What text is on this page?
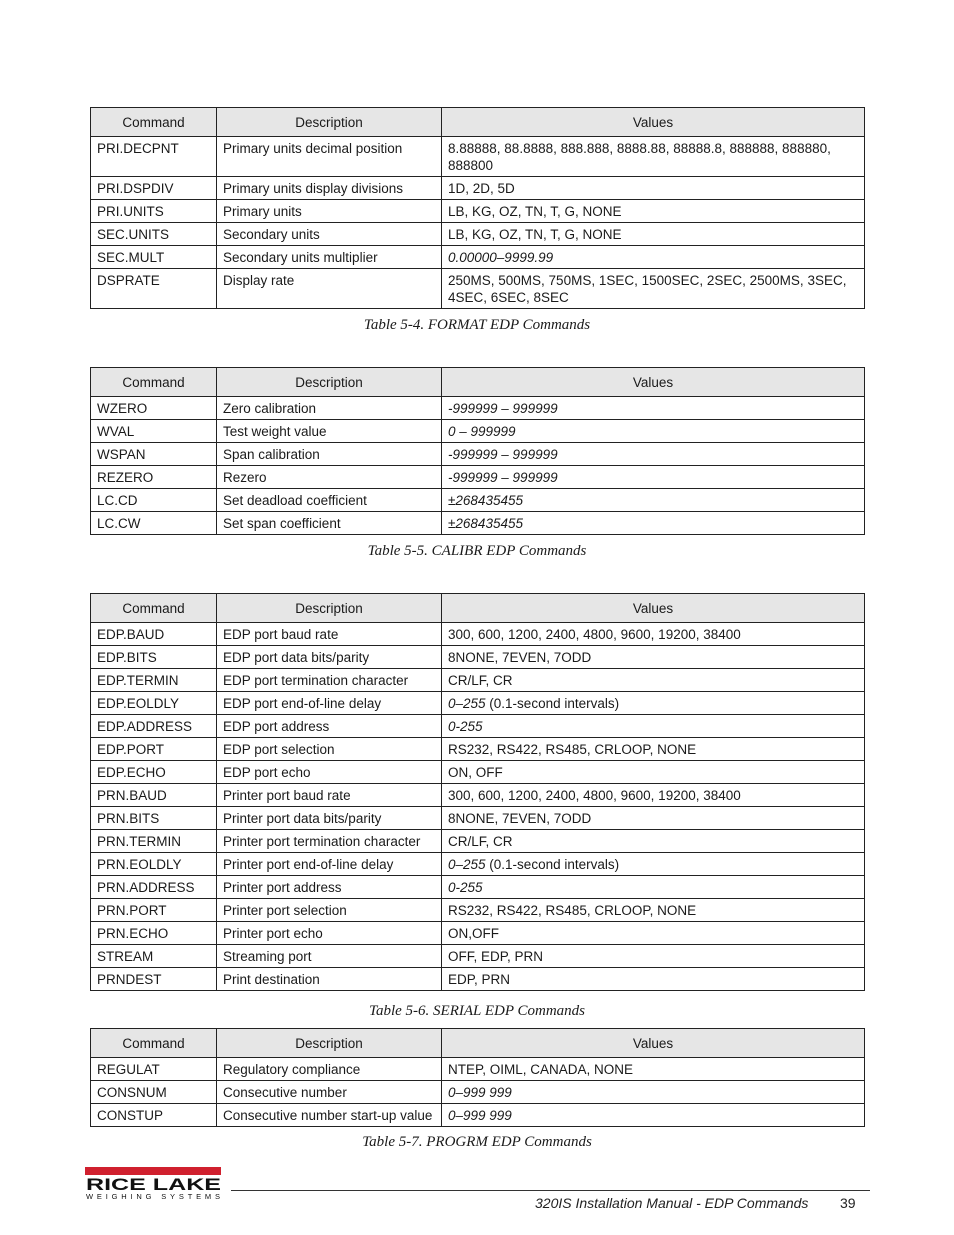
Command	Description	Values
PRI.DECPNT	Primary units decimal position	8.88888, 88.8888, 888.888, 8888.88, 88888.8, 888888, 888880, 888800
PRI.DSPDIV	Primary units display divisions	1D, 2D, 5D
PRI.UNITS	Primary units	LB, KG, OZ, TN, T, G, NONE
SEC.UNITS	Secondary units	LB, KG, OZ, TN, T, G, NONE
SEC.MULT	Secondary units multiplier	0.00000–9999.99
DSPRATE	Display rate	250MS, 500MS, 750MS, 1SEC, 1500SEC, 2SEC, 2500MS, 3SEC, 4SEC, 6SEC, 8SEC
Table 5-4. FORMAT EDP Commands
Command	Description	Values
WZERO	Zero calibration	-999999 – 999999
WVAL	Test weight value	0 – 999999
WSPAN	Span calibration	-999999 – 999999
REZERO	Rezero	-999999 – 999999
LC.CD	Set deadload coefficient	±268435455
LC.CW	Set span coefficient	±268435455
Table 5-5. CALIBR EDP Commands
Command	Description	Values
EDP.BAUD	EDP port baud rate	300, 600, 1200, 2400, 4800, 9600, 19200, 38400
EDP.BITS	EDP port data bits/parity	8NONE, 7EVEN, 7ODD
EDP.TERMIN	EDP port termination character	CR/LF, CR
EDP.EOLDLY	EDP port end-of-line delay	0–255 (0.1-second intervals)
EDP.ADDRESS	EDP port address	0-255
EDP.PORT	EDP port selection	RS232, RS422, RS485, CRLOOP, NONE
EDP.ECHO	EDP port echo	ON, OFF
PRN.BAUD	Printer port baud rate	300, 600, 1200, 2400, 4800, 9600, 19200, 38400
PRN.BITS	Printer port data bits/parity	8NONE, 7EVEN, 7ODD
PRN.TERMIN	Printer port termination character	CR/LF, CR
PRN.EOLDLY	Printer port end-of-line delay	0–255 (0.1-second intervals)
PRN.ADDRESS	Printer port address	0-255
PRN.PORT	Printer port selection	RS232, RS422, RS485, CRLOOP, NONE
PRN.ECHO	Printer port echo	ON,OFF
STREAM	Streaming port	OFF, EDP, PRN
PRNDEST	Print destination	EDP, PRN
Table 5-6. SERIAL EDP Commands
Command	Description	Values
REGULAT	Regulatory compliance	NTEP, OIML, CANADA, NONE
CONSNUM	Consecutive number	0–999 999
CONSTUP	Consecutive number start-up value	0–999 999
Table 5-7. PROGRM EDP Commands
RICE LAKE
WEIGHING SYSTEMS	320IS Installation Manual - EDP Commands 39
